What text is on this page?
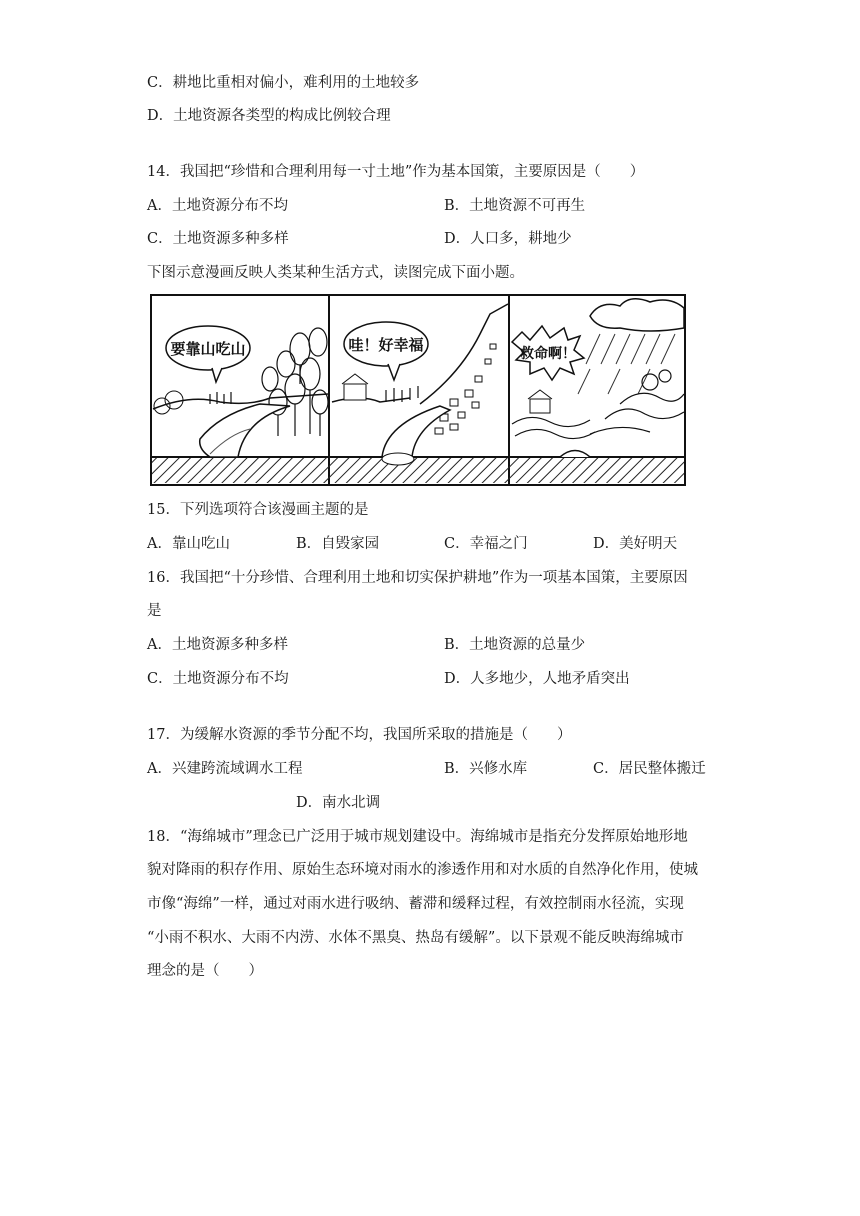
C．耕地比重相对偏小，难利用的土地较多
D．土地资源各类型的构成比例较合理
14．我国把“珍惜和合理利用每一寸土地”作为基本国策，主要原因是（　　）
A．土地资源分布不均	B．土地资源不可再生
C．土地资源多种多样	D．人口多，耕地少
下图示意漫画反映人类某种生活方式，读图完成下面小题。
要靠山吃山	哇！好幸福	救命啊！
15．下列选项符合该漫画主题的是
A．靠山吃山	B．自毁家园	C．幸福之门	D．美好明天
16．我国把“十分珍惜、合理利用土地和切实保护耕地”作为一项基本国策，主要原因
是
A．土地资源多种多样	B．土地资源的总量少
C．土地资源分布不均	D．人多地少，人地矛盾突出
17．为缓解水资源的季节分配不均，我国所采取的措施是（　　）
A．兴建跨流域调水工程	B．兴修水库	C．居民整体搬迁
D．南水北调
18．“海绵城市”理念已广泛用于城市规划建设中。海绵城市是指充分发挥原始地形地
貌对降雨的积存作用、原始生态环境对雨水的渗透作用和对水质的自然净化作用，使城
市像“海绵”一样，通过对雨水进行吸纳、蓄滞和缓释过程，有效控制雨水径流，实现
“小雨不积水、大雨不内涝、水体不黑臭、热岛有缓解”。以下景观不能反映海绵城市
理念的是（　　）
